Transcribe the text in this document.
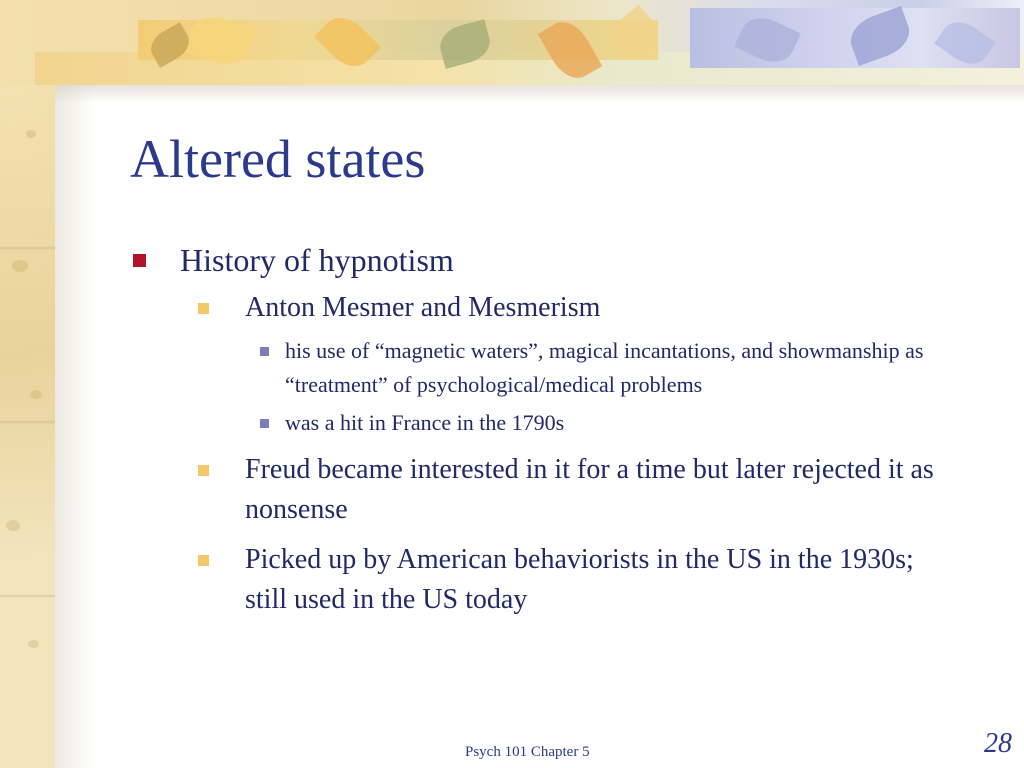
Altered states
History of hypnotism
Anton Mesmer and Mesmerism
his use of “magnetic waters”, magical incantations, and showmanship as “treatment” of psychological/medical problems
was a hit in France in the 1790s
Freud became interested in it for a time but later rejected it as nonsense
Picked up by American behaviorists in the US in the 1930s; still used in the US today
Psych 101 Chapter 5	28
